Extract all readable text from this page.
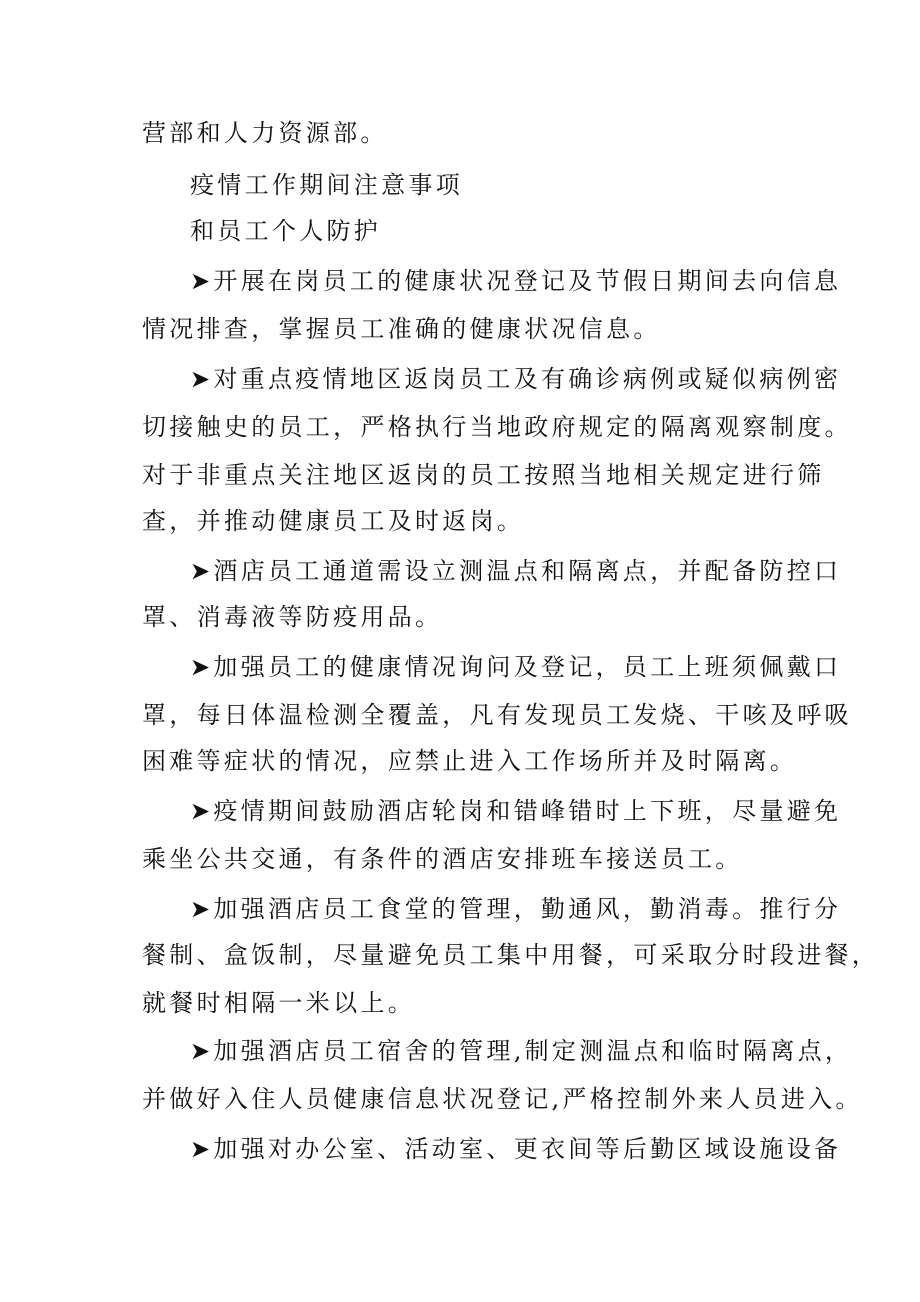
营部和人力资源部。
疫情工作期间注意事项
和员工个人防护
➤开展在岗员工的健康状况登记及节假日期间去向信息
情况排查，掌握员工准确的健康状况信息。
➤对重点疫情地区返岗员工及有确诊病例或疑似病例密
切接触史的员工，严格执行当地政府规定的隔离观察制度。
对于非重点关注地区返岗的员工按照当地相关规定进行筛
查，并推动健康员工及时返岗。
➤酒店员工通道需设立测温点和隔离点，并配备防控口
罩、消毒液等防疫用品。
➤加强员工的健康情况询问及登记，员工上班须佩戴口
罩，每日体温检测全覆盖，凡有发现员工发烧、干咳及呼吸
困难等症状的情况，应禁止进入工作场所并及时隔离。
➤疫情期间鼓励酒店轮岗和错峰错时上下班，尽量避免
乘坐公共交通，有条件的酒店安排班车接送员工。
➤加强酒店员工食堂的管理，勤通风，勤消毒。推行分
餐制、盒饭制，尽量避免员工集中用餐，可采取分时段进餐，
就餐时相隔一米以上。
➤加强酒店员工宿舍的管理,制定测温点和临时隔离点，
并做好入住人员健康信息状况登记,严格控制外来人员进入。
➤加强对办公室、活动室、更衣间等后勤区域设施设备
